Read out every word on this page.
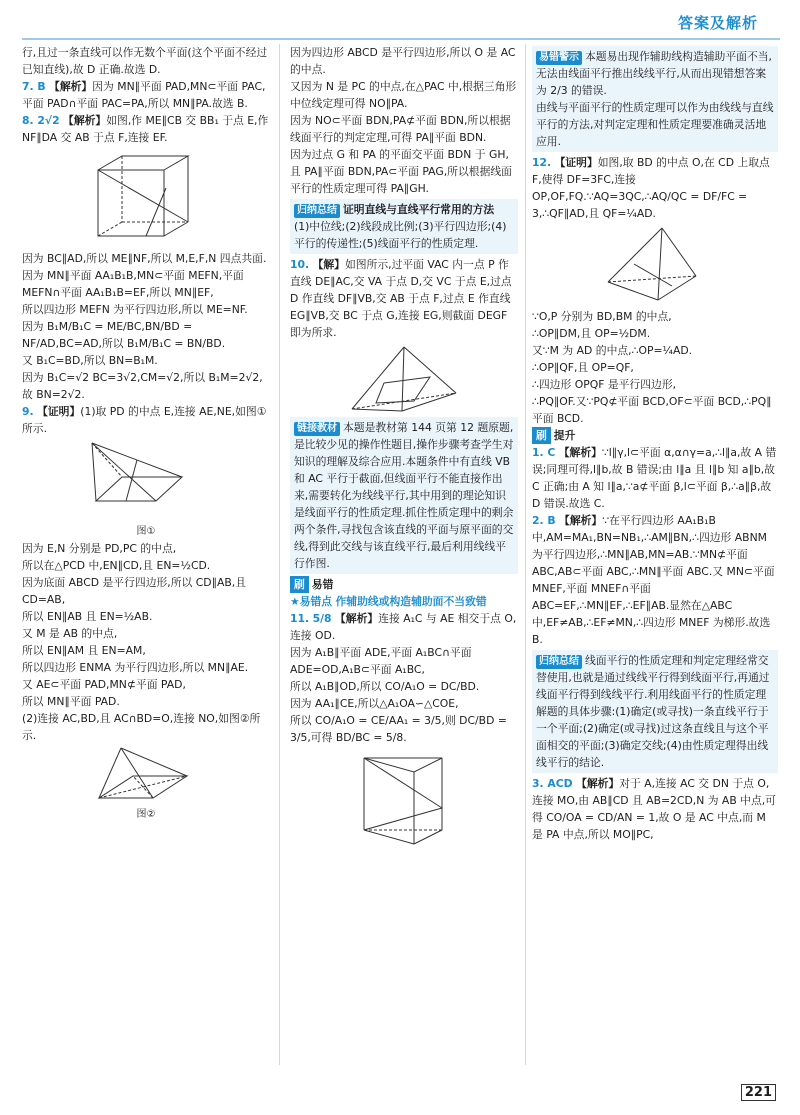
答案及解析

行,且过一条直线可以作无数个平面(这个平面不经过已知直线),故 D 正确.故选 D.

7. B 【解析】因为 MN∥平面 PAD,MN⊂平面 PAC,平面 PAD∩平面 PAC=PA,所以 MN∥PA.故选 B.

8. 2√2 【解析】如图,作 ME∥CB 交 BB₁ 于点 E,作 NF∥DA 交 AB 于点 F,连接 EF.

因为 BC∥AD,所以 ME∥NF,所以 M,E,F,N 四点共面.

因为 MN∥平面 AA₁B₁B,MN⊂平面 MEFN,平面 MEFN∩平面 AA₁B₁B=EF,所以 MN∥EF,

所以四边形 MEFN 为平行四边形,所以 ME=NF.

因为 B₁M/B₁C = ME/BC,BN/BD = NF/AD,BC=AD,所以 B₁M/B₁C = BN/BD.

又 B₁C=BD,所以 BN=B₁M.

因为 B₁C=√2 BC=3√2,CM=√2,所以 B₁M=2√2,故 BN=2√2.

9. 【证明】(1)取 PD 的中点 E,连接 AE,NE,如图①所示.

图①

因为 E,N 分别是 PD,PC 的中点,

所以在△PCD 中,EN∥CD,且 EN=½CD.

因为底面 ABCD 是平行四边形,所以 CD∥AB,且 CD=AB,

所以 EN∥AB 且 EN=½AB.

又 M 是 AB 的中点,

所以 EN∥AM 且 EN=AM,

所以四边形 ENMA 为平行四边形,所以 MN∥AE.

又 AE⊂平面 PAD,MN⊄平面 PAD,

所以 MN∥平面 PAD.

(2)连接 AC,BD,且 AC∩BD=O,连接 NO,如图②所示.

图②

因为四边形 ABCD 是平行四边形,所以 O 是 AC 的中点.

又因为 N 是 PC 的中点,在△PAC 中,根据三角形中位线定理可得 NO∥PA.

因为 NO⊂平面 BDN,PA⊄平面 BDN,所以根据线面平行的判定定理,可得 PA∥平面 BDN.

因为过点 G 和 PA 的平面交平面 BDN 于 GH,且 PA∥平面 BDN,PA⊂平面 PAG,所以根据线面平行的性质定理可得 PA∥GH.

归纳总结 证明直线与直线平行常用的方法

(1)中位线;(2)线段成比例;(3)平行四边形;(4)平行的传递性;(5)线面平行的性质定理.

10. 【解】如图所示,过平面 VAC 内一点 P 作直线 DE∥AC,交 VA 于点 D,交 VC 于点 E,过点 D 作直线 DF∥VB,交 AB 于点 F,过点 E 作直线 EG∥VB,交 BC 于点 G,连接 EG,则截面 DEGF 即为所求.

链接教材 本题是教材第 144 页第 12 题原题,是比较少见的操作性题目,操作步骤考查学生对知识的理解及综合应用.本题条件中有直线 VB 和 AC 平行于截面,但线面平行不能直接作出来,需要转化为线线平行,其中用到的理论知识是线面平行的性质定理.抓住性质定理中的剩余两个条件,寻找包含该直线的平面与原平面的交线,得到此交线与该直线平行,最后利用线线平行作图.

刷 易错

★易错点 作辅助线或构造辅助面不当致错

11. 5/8 【解析】连接 A₁C 与 AE 相交于点 O,连接 OD.

因为 A₁B∥平面 ADE,平面 A₁BC∩平面 ADE=OD,A₁B⊂平面 A₁BC,

所以 A₁B∥OD,所以 CO/A₁O = DC/BD.

因为 AA₁∥CE,所以△A₁OA∽△COE,

所以 CO/A₁O = CE/AA₁ = 3/5,则 DC/BD = 3/5,可得 BD/BC = 5/8.

易错警示 本题易出现作辅助线构造辅助平面不当,无法由线面平行推出线线平行,从而出现错想答案为 2/3 的错误.

由线与平面平行的性质定理可以作为由线线与直线平行的方法,对判定定理和性质定理要准确灵活地应用.

12. 【证明】如图,取 BD 的中点 O,在 CD 上取点 F,使得 DF=3FC,连接 OP,OF,FQ.∵AQ=3QC,∴AQ/QC = DF/FC = 3,∴QF∥AD,且 QF=¼AD.

∵O,P 分别为 BD,BM 的中点,

∴OP∥DM,且 OP=½DM.

又∵M 为 AD 的中点,∴OP=¼AD.

∴OP∥QF,且 OP=QF,

∴四边形 OPQF 是平行四边形,

∴PQ∥OF.又∵PQ⊄平面 BCD,OF⊂平面 BCD,∴PQ∥平面 BCD.

刷 提升

1. C 【解析】∵l∥γ,l⊂平面 α,α∩γ=a,∴l∥a,故 A 错误;同理可得,l∥b,故 B 错误;由 l∥a 且 l∥b 知 a∥b,故 C 正确;由 A 知 l∥a,∵a⊄平面 β,l⊂平面 β,∴a∥β,故 D 错误.故选 C.

2. B 【解析】∵在平行四边形 AA₁B₁B 中,AM=MA₁,BN=NB₁,∴AM∥BN,∴四边形 ABNM 为平行四边形,∴MN∥AB,MN=AB.∵MN⊄平面 ABC,AB⊂平面 ABC,∴MN∥平面 ABC.又 MN⊂平面 MNEF,平面 MNEF∩平面 ABC=EF,∴MN∥EF,∴EF∥AB.显然在△ABC 中,EF≠AB,∴EF≠MN,∴四边形 MNEF 为梯形.故选 B.

归纳总结 线面平行的性质定理和判定定理经常交替使用,也就是通过线线平行得到线面平行,再通过线面平行得到线线平行.利用线面平行的性质定理解题的具体步骤:(1)确定(或寻找)一条直线平行于一个平面;(2)确定(或寻找)过这条直线且与这个平面相交的平面;(3)确定交线;(4)由性质定理得出线线平行的结论.

3. ACD 【解析】对于 A,连接 AC 交 DN 于点 O,连接 MO,由 AB∥CD 且 AB=2CD,N 为 AB 中点,可得 CO/OA = CD/AN = 1,故 O 是 AC 中点,而 M 是 PA 中点,所以 MO∥PC,

221
